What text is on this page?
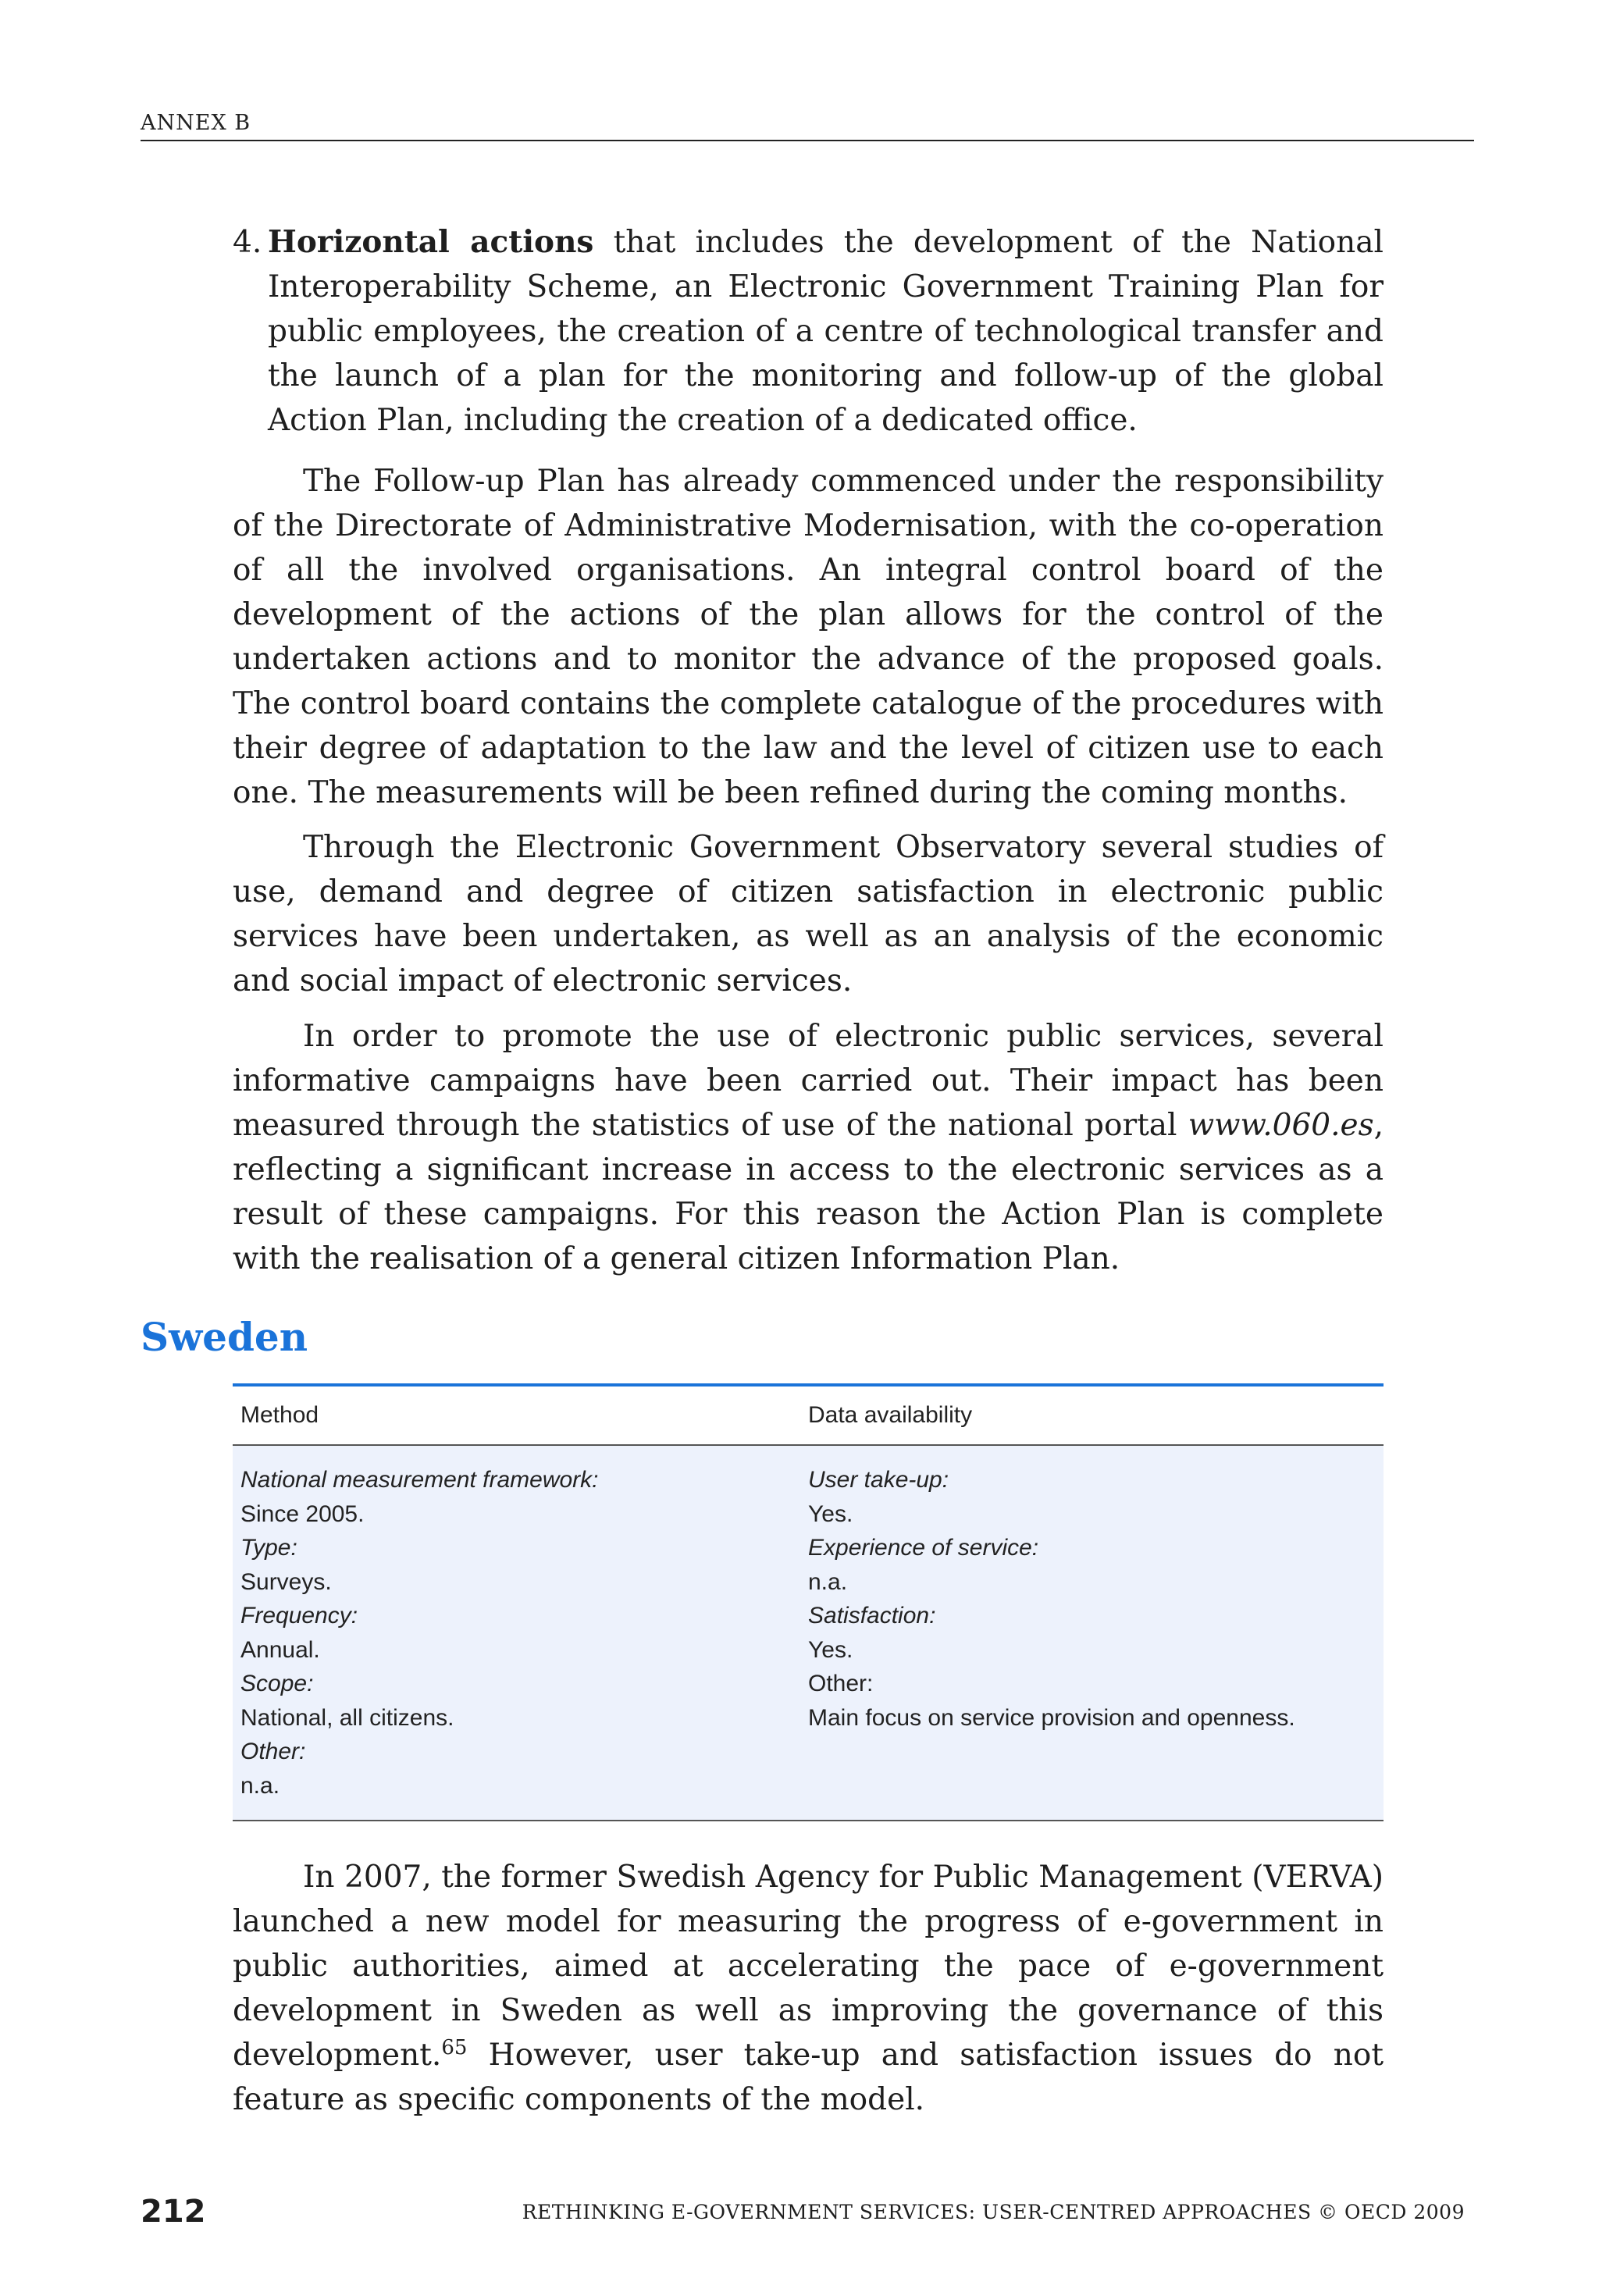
ANNEX B
4. Horizontal actions that includes the development of the National Interoperability Scheme, an Electronic Government Training Plan for public employees, the creation of a centre of technological transfer and the launch of a plan for the monitoring and follow-up of the global Action Plan, including the creation of a dedicated office.

The Follow-up Plan has already commenced under the responsibility of the Directorate of Administrative Modernisation, with the co-operation of all the involved organisations. An integral control board of the development of the actions of the plan allows for the control of the undertaken actions and to monitor the advance of the proposed goals. The control board contains the complete catalogue of the procedures with their degree of adaptation to the law and the level of citizen use to each one. The measurements will be been refined during the coming months.

Through the Electronic Government Observatory several studies of use, demand and degree of citizen satisfaction in electronic public services have been undertaken, as well as an analysis of the economic and social impact of electronic services.

In order to promote the use of electronic public services, several informative campaigns have been carried out. Their impact has been measured through the statistics of use of the national portal www.060.es, reflecting a significant increase in access to the electronic services as a result of these campaigns. For this reason the Action Plan is complete with the realisation of a general citizen Information Plan.

Sweden
Method	Data availability
National measurement framework:
Since 2005.
Type:
Surveys.
Frequency:
Annual.
Scope:
National, all citizens.
Other:
n.a.
User take-up:
Yes.
Experience of service:
n.a.
Satisfaction:
Yes.
Other:
Main focus on service provision and openness.

In 2007, the former Swedish Agency for Public Management (VERVA) launched a new model for measuring the progress of e-government in public authorities, aimed at accelerating the pace of e-government development in Sweden as well as improving the governance of this development.$^{65}$ However, user take-up and satisfaction issues do not feature as specific components of the model.

212	RETHINKING E-GOVERNMENT SERVICES: USER-CENTRED APPROACHES © OECD 2009
